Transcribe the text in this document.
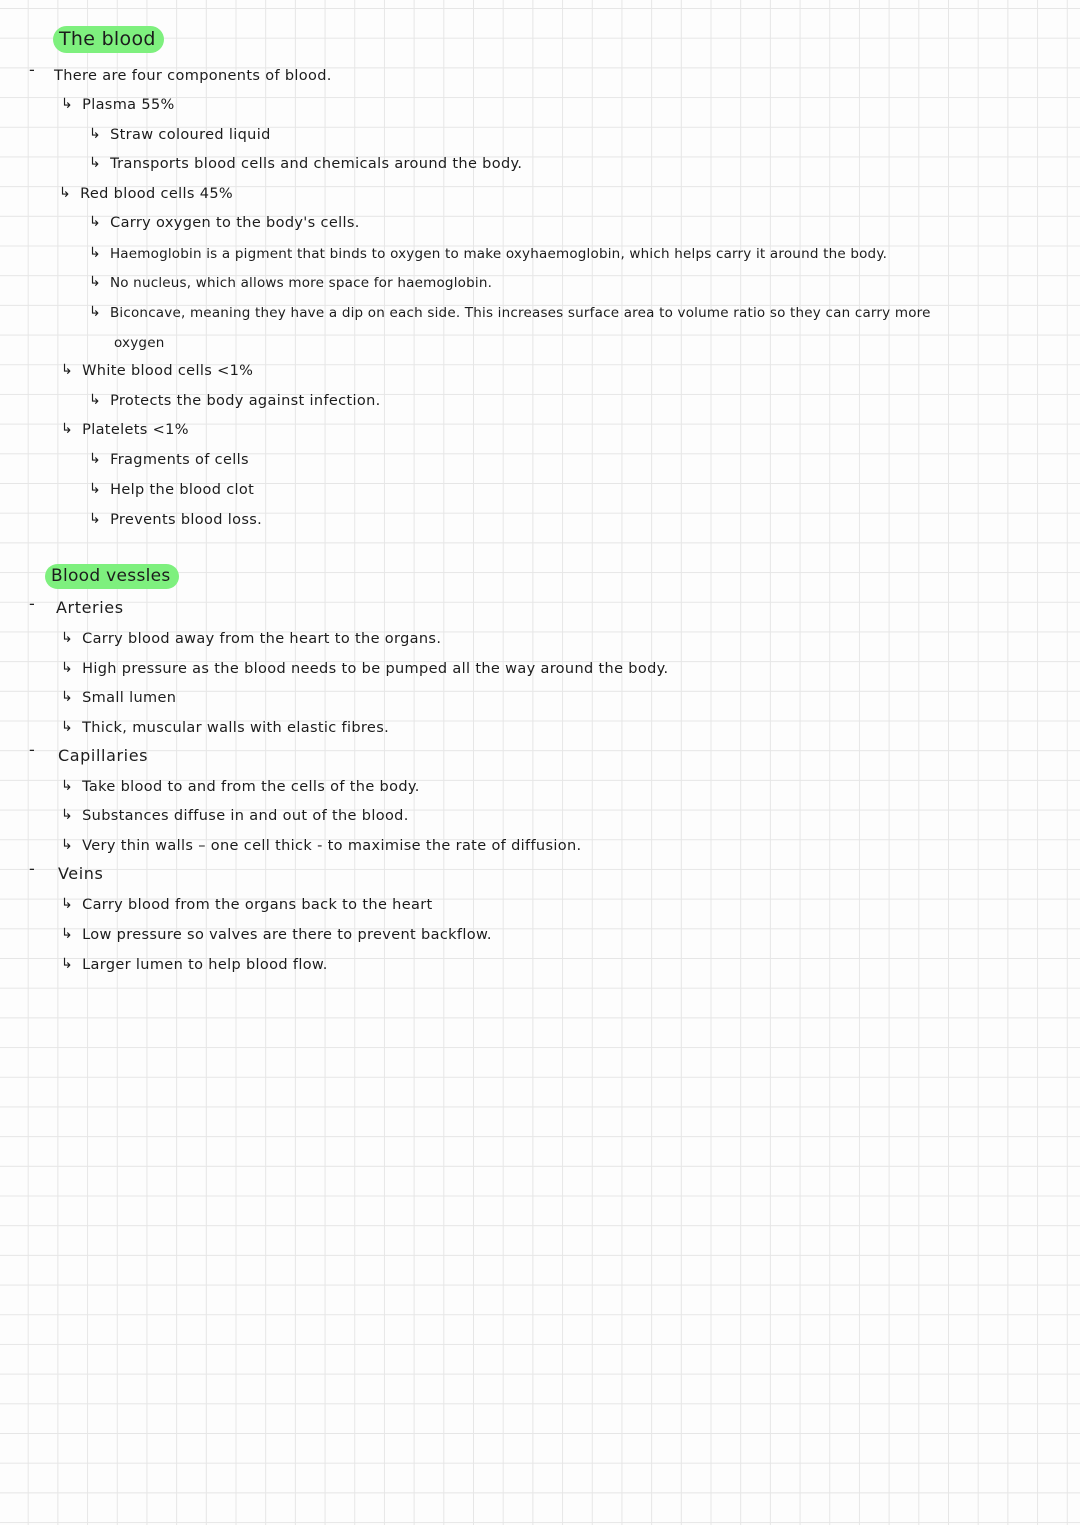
-
The blood
There are four components of blood.
↳ Plasma 55%
↳ Straw coloured liquid
↳ Transports blood cells and chemicals around the body.
↳ Red blood cells 45%
↳ Carry oxygen to the body's cells.
↳ Haemoglobin is a pigment that binds to oxygen to make oxyhaemoglobin, which helps carry it around the body.
↳ No nucleus, which allows more space for haemoglobin.
↳ Biconcave, meaning they have a dip on each side. This increases surface area to volume ratio so they can carry more
oxygen
↳ White blood cells <1%
↳ Protects the body against infection.
↳ Platelets <1%
↳ Fragments of cells
↳ Help the blood clot
↳ Prevents blood loss.
Blood vessles
- Arteries
↳ Carry blood away from the heart to the organs.
↳ High pressure as the blood needs to be pumped all the way around the body.
↳ Small lumen
↳ Thick, muscular walls with elastic fibres.
- Capillaries
↳ Take blood to and from the cells of the body.
↳ Substances diffuse in and out of the blood.
↳ Very thin walls – one cell thick - to maximise the rate of diffusion.
- Veins
↳ Carry blood from the organs back to the heart
↳ Low pressure so valves are there to prevent backflow.
↳ Larger lumen to help blood flow.
